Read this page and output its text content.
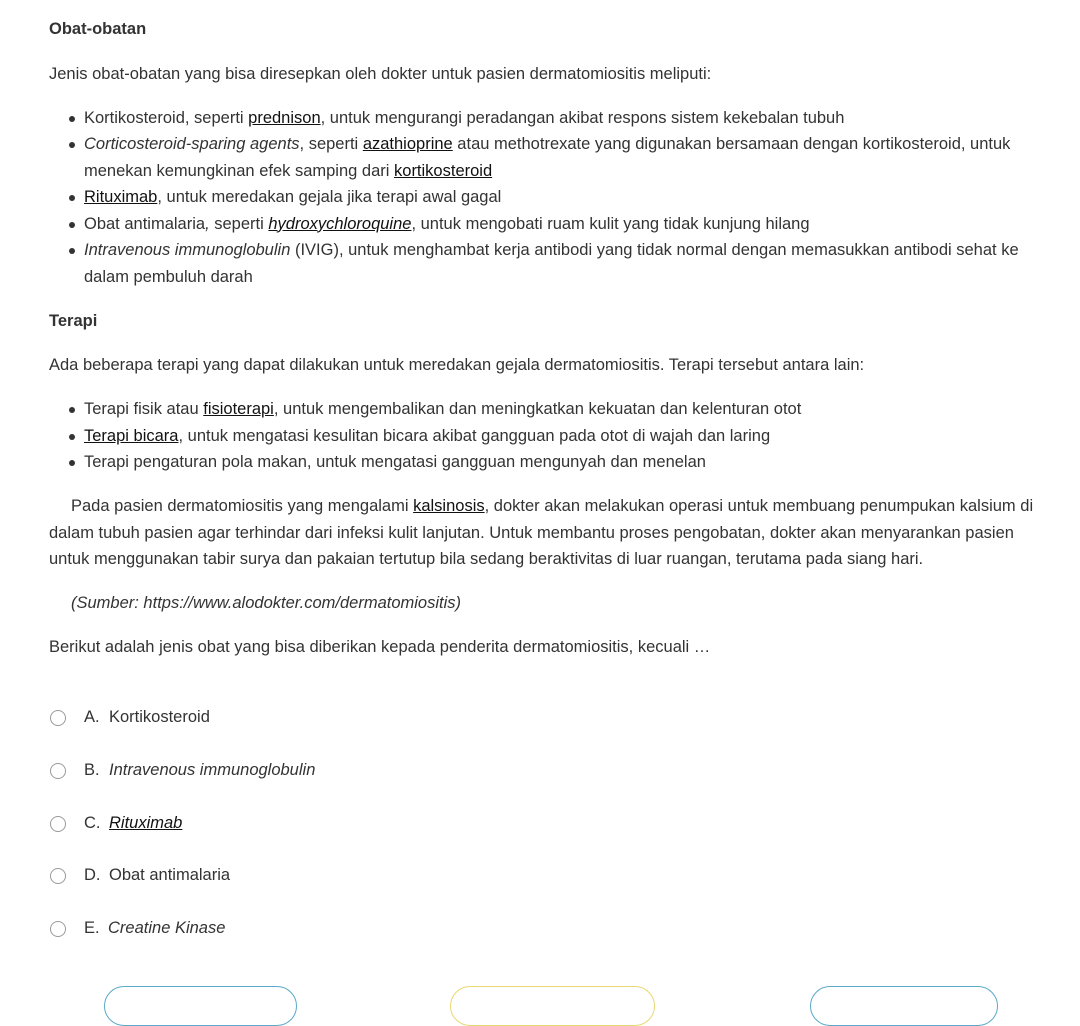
Obat-obatan

Jenis obat-obatan yang bisa diresepkan oleh dokter untuk pasien dermatomiositis meliputi:

Kortikosteroid, seperti prednison, untuk mengurangi peradangan akibat respons sistem kekebalan tubuh
Corticosteroid-sparing agents, seperti azathioprine atau methotrexate yang digunakan bersamaan dengan kortikosteroid, untuk menekan kemungkinan efek samping dari kortikosteroid
Rituximab, untuk meredakan gejala jika terapi awal gagal
Obat antimalaria, seperti hydroxychloroquine, untuk mengobati ruam kulit yang tidak kunjung hilang
Intravenous immunoglobulin (IVIG), untuk menghambat kerja antibodi yang tidak normal dengan memasukkan antibodi sehat ke dalam pembuluh darah

Terapi

Ada beberapa terapi yang dapat dilakukan untuk meredakan gejala dermatomiositis. Terapi tersebut antara lain:

Terapi fisik atau fisioterapi, untuk mengembalikan dan meningkatkan kekuatan dan kelenturan otot
Terapi bicara, untuk mengatasi kesulitan bicara akibat gangguan pada otot di wajah dan laring
Terapi pengaturan pola makan, untuk mengatasi gangguan mengunyah dan menelan

Pada pasien dermatomiositis yang mengalami kalsinosis, dokter akan melakukan operasi untuk membuang penumpukan kalsium di dalam tubuh pasien agar terhindar dari infeksi kulit lanjutan. Untuk membantu proses pengobatan, dokter akan menyarankan pasien untuk menggunakan tabir surya dan pakaian tertutup bila sedang beraktivitas di luar ruangan, terutama pada siang hari.

(Sumber: https://www.alodokter.com/dermatomiositis)

Berikut adalah jenis obat yang bisa diberikan kepada penderita dermatomiositis, kecuali …

A. Kortikosteroid
B. Intravenous immunoglobulin
C. Rituximab
D. Obat antimalaria
E. Creatine Kinase
